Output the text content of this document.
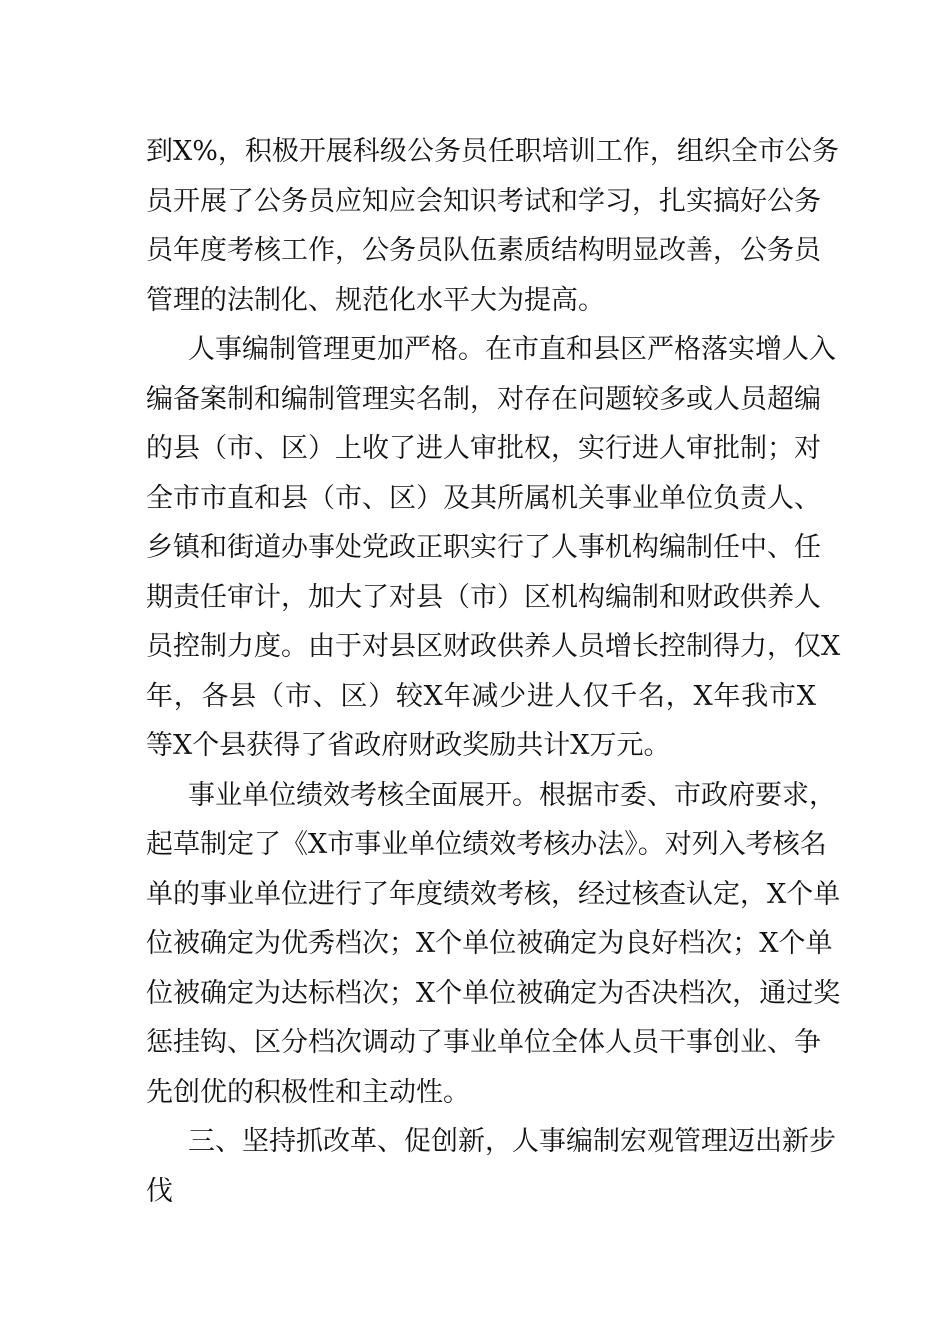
到X%，积极开展科级公务员任职培训工作，组织全市公务

员开展了公务员应知应会知识考试和学习，扎实搞好公务

员年度考核工作，公务员队伍素质结构明显改善，公务员

管理的法制化、规范化水平大为提高。

人事编制管理更加严格。在市直和县区严格落实增人入

编备案制和编制管理实名制，对存在问题较多或人员超编

的县（市、区）上收了进人审批权，实行进人审批制；对

全市市直和县（市、区）及其所属机关事业单位负责人、

乡镇和街道办事处党政正职实行了人事机构编制任中、任

期责任审计，加大了对县（市）区机构编制和财政供养人

员控制力度。由于对县区财政供养人员增长控制得力，仅X

年，各县（市、区）较X年减少进人仅千名，X年我市X

等X个县获得了省政府财政奖励共计X万元。

事业单位绩效考核全面展开。根据市委、市政府要求，

起草制定了《X市事业单位绩效考核办法》。对列入考核名

单的事业单位进行了年度绩效考核，经过核查认定，X个单

位被确定为优秀档次；X个单位被确定为良好档次；X个单

位被确定为达标档次；X个单位被确定为否决档次，通过奖

惩挂钩、区分档次调动了事业单位全体人员干事创业、争

先创优的积极性和主动性。

三、坚持抓改革、促创新，人事编制宏观管理迈出新步

伐
